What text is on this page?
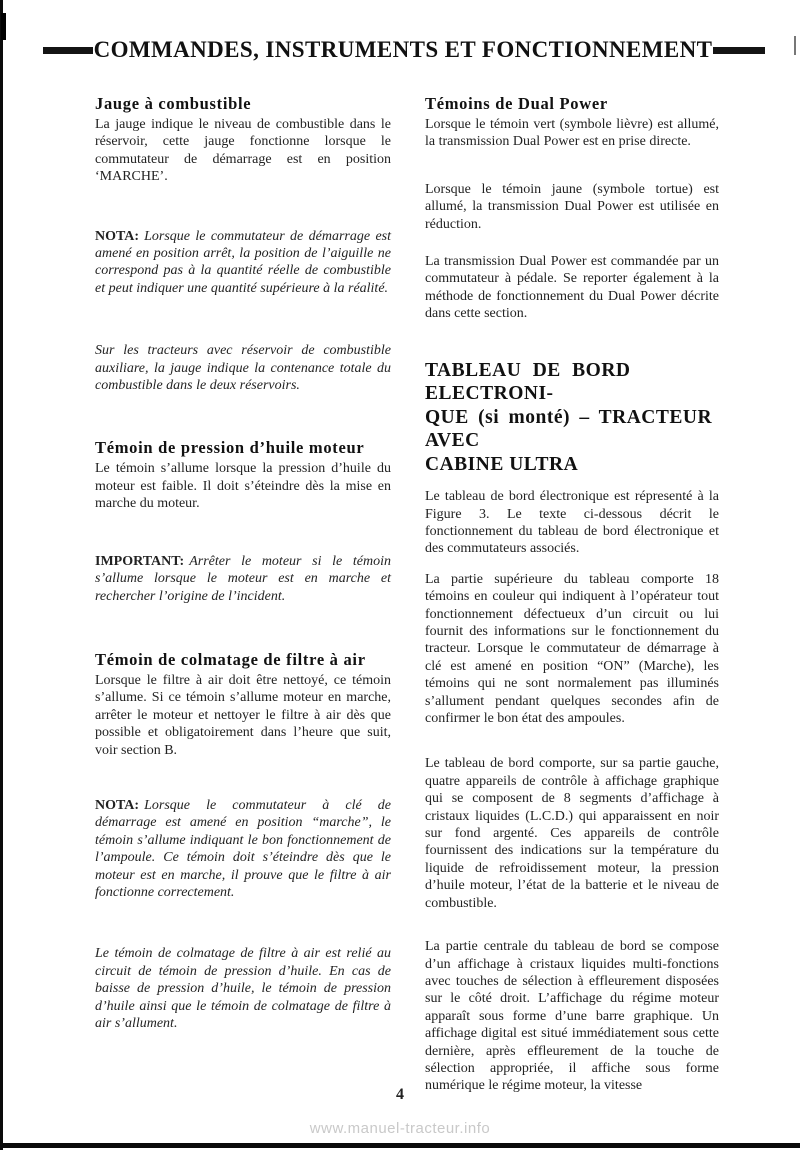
COMMANDES, INSTRUMENTS ET FONCTIONNEMENT
Jauge à combustible

La jauge indique le niveau de combustible dans le réservoir, cette jauge fonctionne lorsque le commutateur de démarrage est en position ‘MARCHE’.

NOTA: Lorsque le commutateur de démarrage est amené en position arrêt, la position de l’aiguille ne correspond pas à la quantité réelle de combustible et peut indiquer une quantité supérieure à la réalité.

Sur les tracteurs avec réservoir de combustible auxiliare, la jauge indique la contenance totale du combustible dans le deux réservoirs.

Témoin de pression d’huile moteur

Le témoin s’allume lorsque la pression d’huile du moteur est faible. Il doit s’éteindre dès la mise en marche du moteur.

IMPORTANT: Arrêter le moteur si le témoin s’allume lorsque le moteur est en marche et rechercher l’origine de l’incident.

Témoin de colmatage de filtre à air

Lorsque le filtre à air doit être nettoyé, ce témoin s’allume. Si ce témoin s’allume moteur en marche, arrêter le moteur et nettoyer le filtre à air dès que possible et obligatoirement dans l’heure que suit, voir section B.

NOTA: Lorsque le commutateur à clé de démarrage est amené en position “marche”, le témoin s’allume indiquant le bon fonctionnement de l’ampoule. Ce témoin doit s’éteindre dès que le moteur est en marche, il prouve que le filtre à air fonctionne correctement.

Le témoin de colmatage de filtre à air est relié au circuit de témoin de pression d’huile. En cas de baisse de pression d’huile, le témoin de pression d’huile ainsi que le témoin de colmatage de filtre à air s’allument.

Témoins de Dual Power

Lorsque le témoin vert (symbole lièvre) est allumé, la transmission Dual Power est en prise directe.

Lorsque le témoin jaune (symbole tortue) est allumé, la transmission Dual Power est utilisée en réduction.

La transmission Dual Power est commandée par un commutateur à pédale. Se reporter également à la méthode de fonctionnement du Dual Power décrite dans cette section.

TABLEAU DE BORD ELECTRONI-
QUE (si monté) – TRACTEUR AVEC
CABINE ULTRA

Le tableau de bord électronique est répresenté à la Figure 3. Le texte ci-dessous décrit le fonctionnement du tableau de bord électronique et des commutateurs associés.

La partie supérieure du tableau comporte 18 témoins en couleur qui indiquent à l’opérateur tout fonctionnement défectueux d’un circuit ou lui fournit des informations sur le fonctionnement du tracteur. Lorsque le commutateur de démarrage à clé est amené en position “ON” (Marche), les témoins qui ne sont normalement pas illuminés s’allument pendant quelques secondes afin de confirmer le bon état des ampoules.

Le tableau de bord comporte, sur sa partie gauche, quatre appareils de contrôle à affichage graphique qui se composent de 8 segments d’affichage à cristaux liquides (L.C.D.) qui apparaissent en noir sur fond argenté. Ces appareils de contrôle fournissent des indications sur la température du liquide de refroidissement moteur, la pression d’huile moteur, l’état de la batterie et le niveau de combustible.

La partie centrale du tableau de bord se compose d’un affichage à cristaux liquides multi-fonctions avec touches de sélection à effleurement disposées sur le côté droit. L’affichage du régime moteur apparaît sous forme d’une barre graphique. Un affichage digital est situé immédiatement sous cette dernière, après effleurement de la touche de sélection appropriée, il affiche sous forme numérique le régime moteur, la vitesse

4
www.manuel-tracteur.info
